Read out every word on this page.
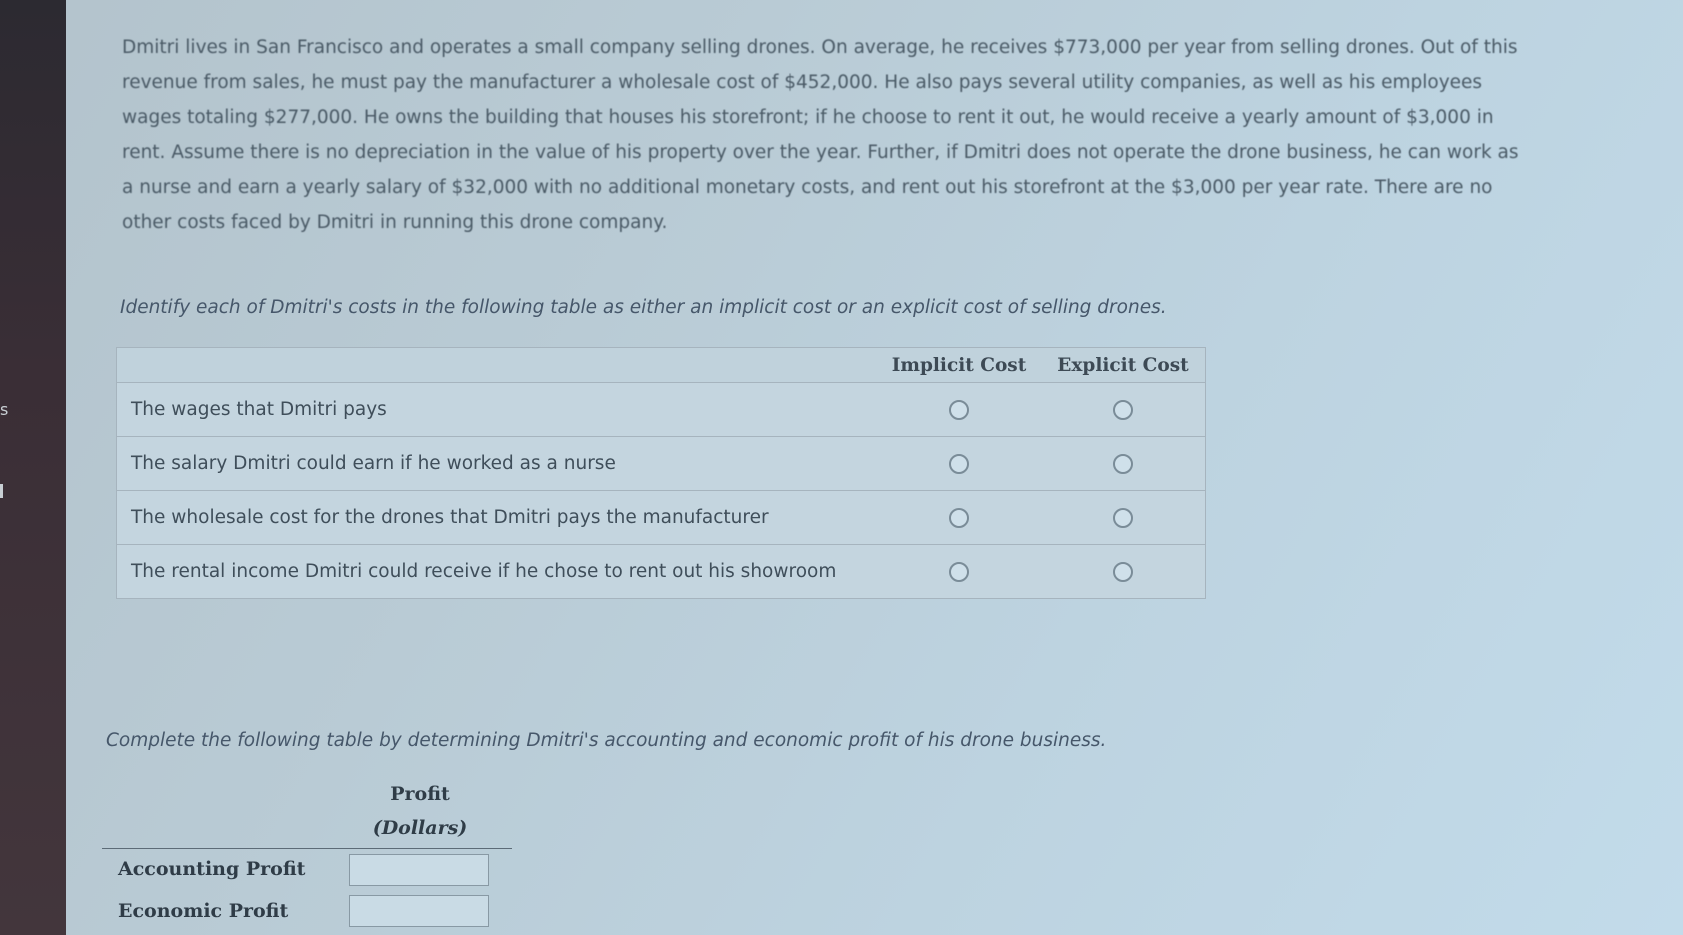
s

Dmitri lives in San Francisco and operates a small company selling drones. On average, he receives $773,000 per year from selling drones. Out of this

revenue from sales, he must pay the manufacturer a wholesale cost of $452,000. He also pays several utility companies, as well as his employees

wages totaling $277,000. He owns the building that houses his storefront; if he choose to rent it out, he would receive a yearly amount of $3,000 in

rent. Assume there is no depreciation in the value of his property over the year. Further, if Dmitri does not operate the drone business, he can work as

a nurse and earn a yearly salary of $32,000 with no additional monetary costs, and rent out his storefront at the $3,000 per year rate. There are no

other costs faced by Dmitri in running this drone company.

Identify each of Dmitri's costs in the following table as either an implicit cost or an explicit cost of selling drones.
	Implicit Cost	Explicit Cost
The wages that Dmitri pays		
The salary Dmitri could earn if he worked as a nurse		
The wholesale cost for the drones that Dmitri pays the manufacturer		
The rental income Dmitri could receive if he chose to rent out his showroom		
Complete the following table by determining Dmitri's accounting and economic profit of his drone business.
Profit
(Dollars)
Accounting Profit
Economic Profit
